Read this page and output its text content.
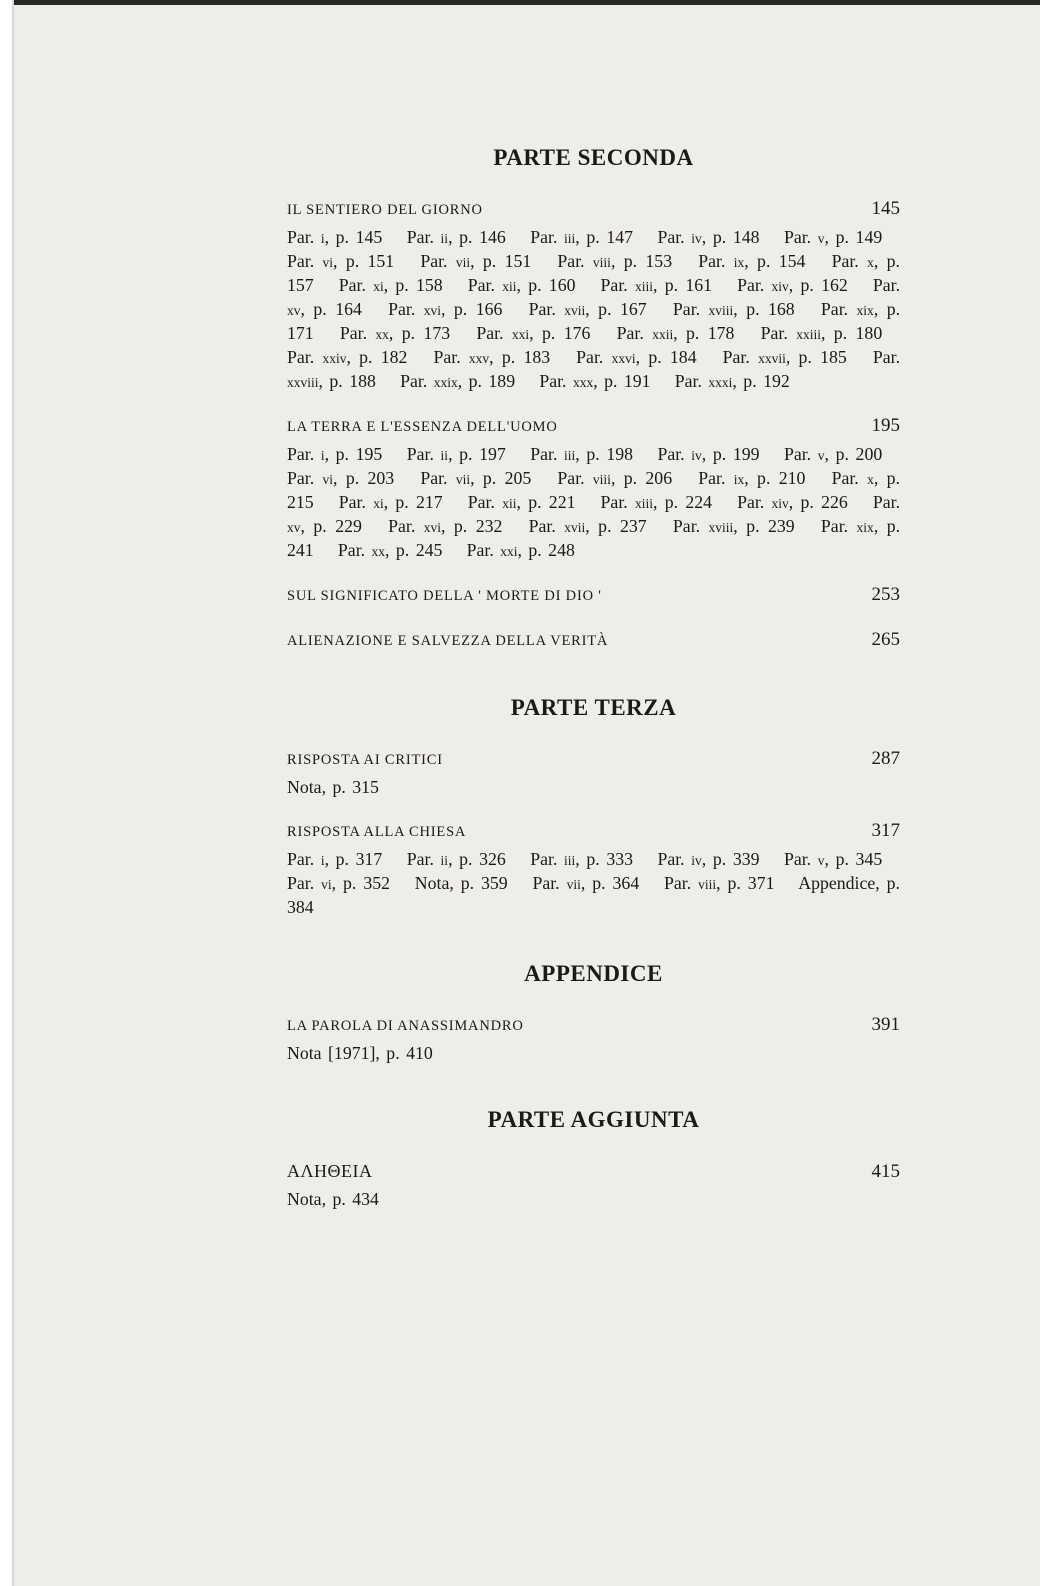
PARTE SECONDA
IL SENTIERO DEL GIORNO	145
Par. i, p. 145  Par. ii, p. 146  Par. iii, p. 147  Par. iv, p. 148  Par. v, p. 149  Par. vi, p. 151  Par. vii, p. 151  Par. viii, p. 153  Par. ix, p. 154  Par. x, p. 157  Par. xi, p. 158  Par. xii, p. 160  Par. xiii, p. 161  Par. xiv, p. 162  Par. xv, p. 164  Par. xvi, p. 166  Par. xvii, p. 167  Par. xviii, p. 168  Par. xix, p. 171  Par. xx, p. 173  Par. xxi, p. 176  Par. xxii, p. 178  Par. xxiii, p. 180  Par. xxiv, p. 182  Par. xxv, p. 183  Par. xxvi, p. 184  Par. xxvii, p. 185  Par. xxviii, p. 188  Par. xxix, p. 189  Par. xxx, p. 191  Par. xxxi, p. 192
LA TERRA E L'ESSENZA DELL'UOMO	195
Par. i, p. 195  Par. ii, p. 197  Par. iii, p. 198  Par. iv, p. 199  Par. v, p. 200  Par. vi, p. 203  Par. vii, p. 205  Par. viii, p. 206  Par. ix, p. 210  Par. x, p. 215  Par. xi, p. 217  Par. xii, p. 221  Par. xiii, p. 224  Par. xiv, p. 226  Par. xv, p. 229  Par. xvi, p. 232  Par. xvii, p. 237  Par. xviii, p. 239  Par. xix, p. 241  Par. xx, p. 245  Par. xxi, p. 248
SUL SIGNIFICATO DELLA ' MORTE DI DIO '	253
ALIENAZIONE E SALVEZZA DELLA VERITÀ	265
PARTE TERZA
RISPOSTA AI CRITICI	287
Nota, p. 315
RISPOSTA ALLA CHIESA	317
Par. i, p. 317  Par. ii, p. 326  Par. iii, p. 333  Par. iv, p. 339  Par. v, p. 345  Par. vi, p. 352  Nota, p. 359  Par. vii, p. 364  Par. viii, p. 371  Appendice, p. 384
APPENDICE
LA PAROLA DI ANASSIMANDRO	391
Nota [1971], p. 410
PARTE AGGIUNTA
ΑΛΗΘΕΙΑ	415
Nota, p. 434
